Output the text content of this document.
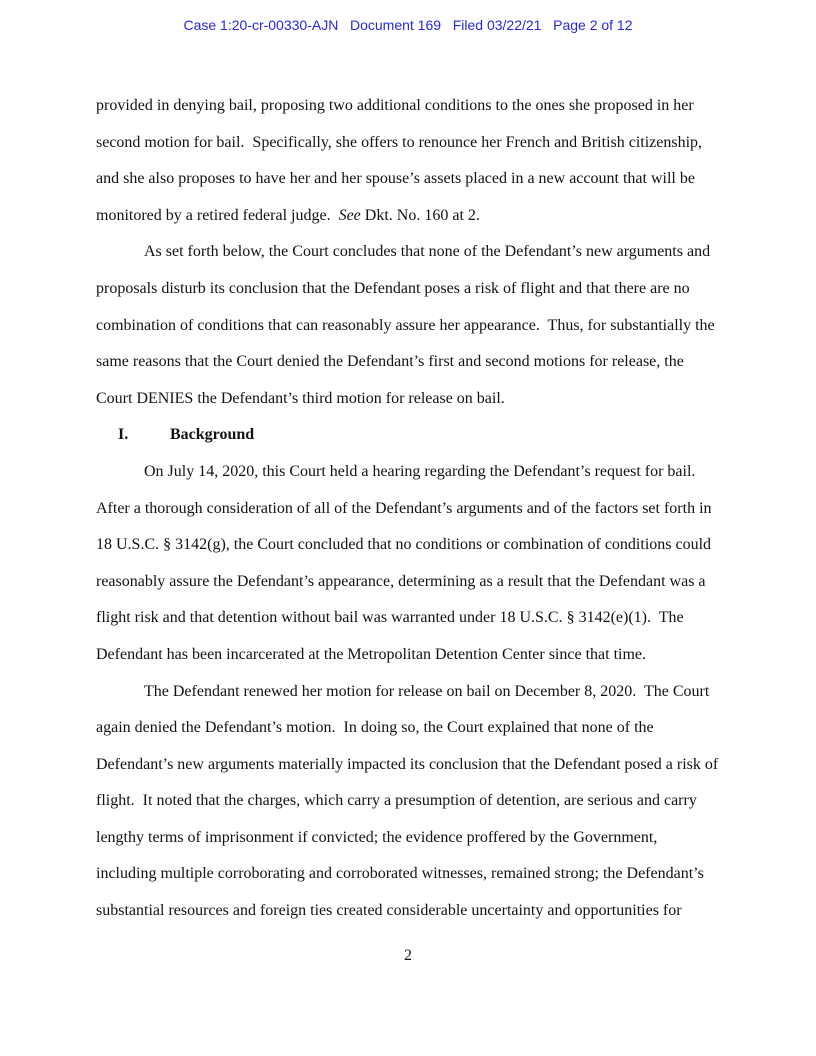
Case 1:20-cr-00330-AJN   Document 169   Filed 03/22/21   Page 2 of 12
provided in denying bail, proposing two additional conditions to the ones she proposed in her
second motion for bail.  Specifically, she offers to renounce her French and British citizenship,
and she also proposes to have her and her spouse’s assets placed in a new account that will be
monitored by a retired federal judge.  See Dkt. No. 160 at 2.
As set forth below, the Court concludes that none of the Defendant’s new arguments and
proposals disturb its conclusion that the Defendant poses a risk of flight and that there are no
combination of conditions that can reasonably assure her appearance.  Thus, for substantially the
same reasons that the Court denied the Defendant’s first and second motions for release, the
Court DENIES the Defendant’s third motion for release on bail.
I.	Background
On July 14, 2020, this Court held a hearing regarding the Defendant’s request for bail.
After a thorough consideration of all of the Defendant’s arguments and of the factors set forth in
18 U.S.C. § 3142(g), the Court concluded that no conditions or combination of conditions could
reasonably assure the Defendant’s appearance, determining as a result that the Defendant was a
flight risk and that detention without bail was warranted under 18 U.S.C. § 3142(e)(1).  The
Defendant has been incarcerated at the Metropolitan Detention Center since that time.
The Defendant renewed her motion for release on bail on December 8, 2020.  The Court
again denied the Defendant’s motion.  In doing so, the Court explained that none of the
Defendant’s new arguments materially impacted its conclusion that the Defendant posed a risk of
flight.  It noted that the charges, which carry a presumption of detention, are serious and carry
lengthy terms of imprisonment if convicted; the evidence proffered by the Government,
including multiple corroborating and corroborated witnesses, remained strong; the Defendant’s
substantial resources and foreign ties created considerable uncertainty and opportunities for
2
